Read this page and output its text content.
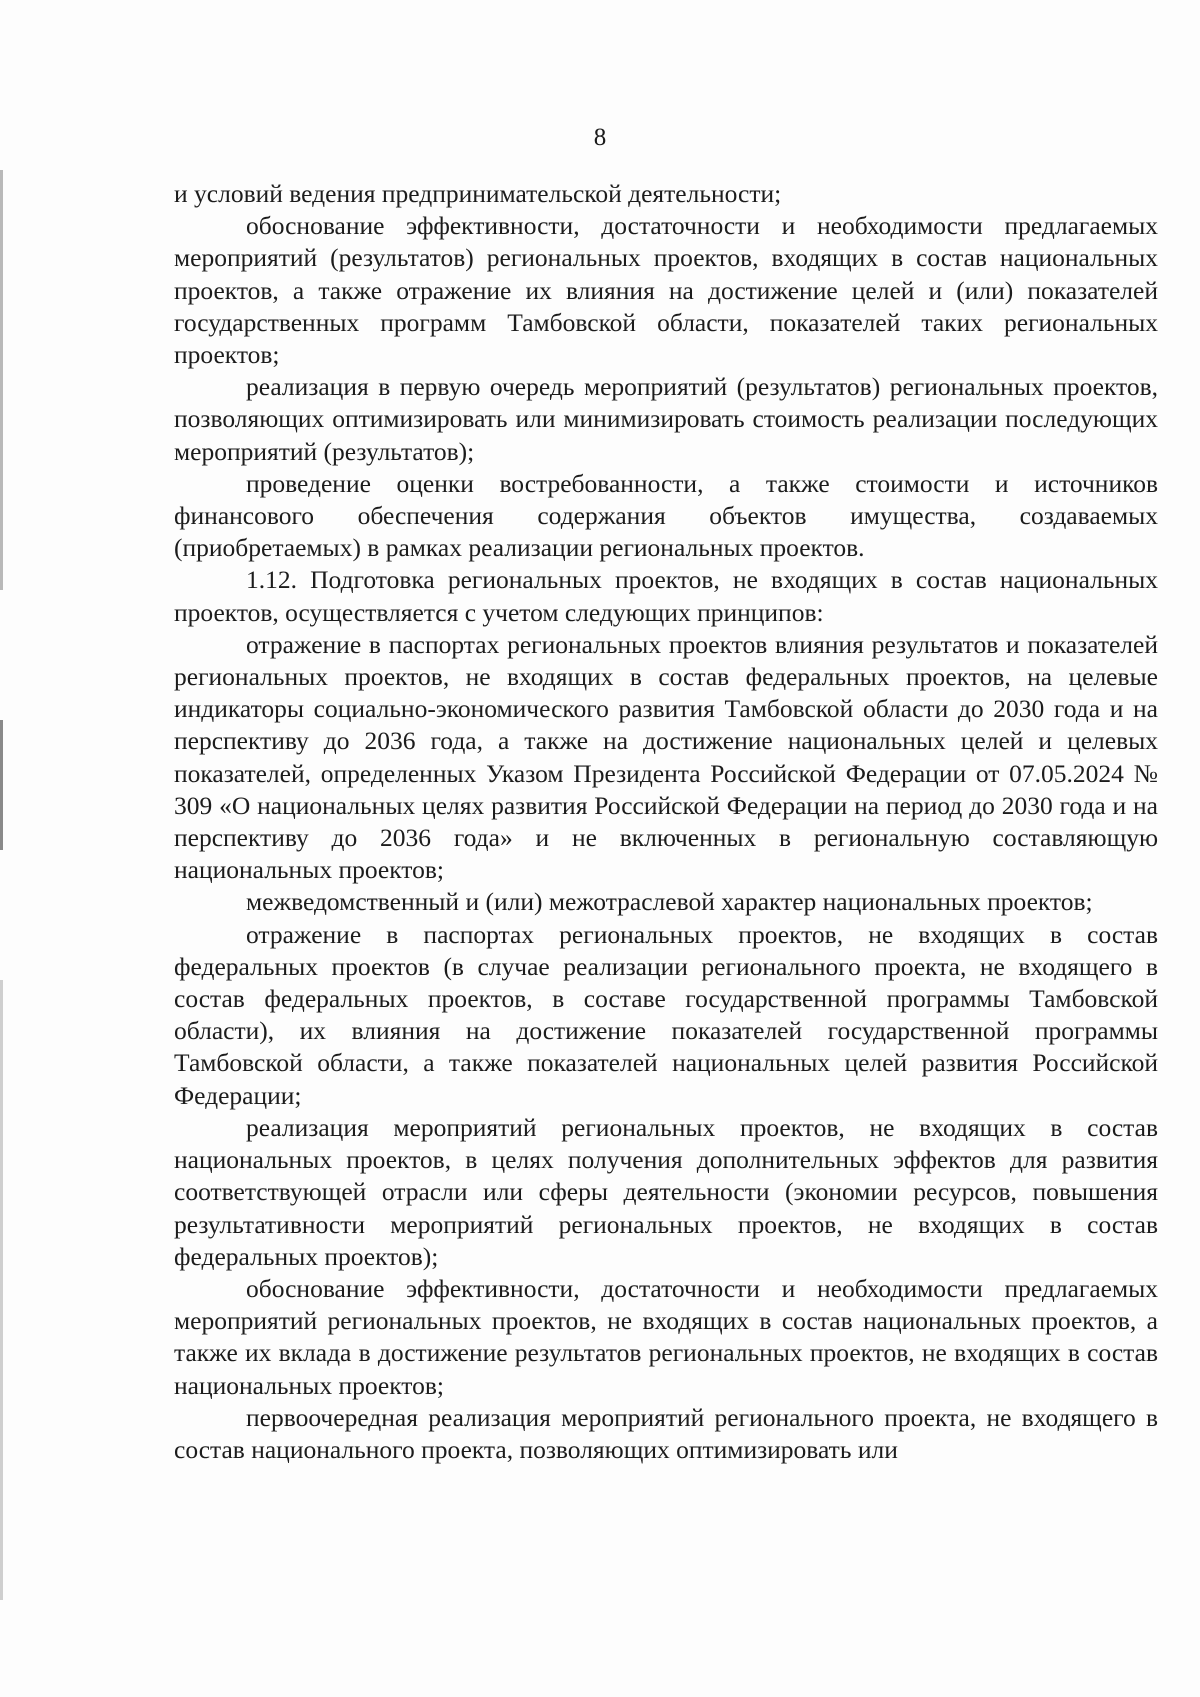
8

и условий ведения предпринимательской деятельности;

обоснование эффективности, достаточности и необходимости предлагаемых мероприятий (результатов) региональных проектов, входящих в состав национальных проектов, а также отражение их влияния на достижение целей и (или) показателей государственных программ Тамбовской области, показателей таких региональных проектов;

реализация в первую очередь мероприятий (результатов) региональных проектов, позволяющих оптимизировать или минимизировать стоимость реализации последующих мероприятий (результатов);

проведение оценки востребованности, а также стоимости и источников финансового обеспечения содержания объектов имущества, создаваемых (приобретаемых) в рамках реализации региональных проектов.

1.12. Подготовка региональных проектов, не входящих в состав национальных проектов, осуществляется с учетом следующих принципов:

отражение в паспортах региональных проектов влияния результатов и показателей региональных проектов, не входящих в состав федеральных проектов, на целевые индикаторы социально-экономического развития Тамбовской области до 2030 года и на перспективу до 2036 года, а также на достижение национальных целей и целевых показателей, определенных Указом Президента Российской Федерации от 07.05.2024 № 309 «О национальных целях развития Российской Федерации на период до 2030 года и на перспективу до 2036 года» и не включенных в региональную составляющую национальных проектов;

межведомственный и (или) межотраслевой характер национальных проектов;

отражение в паспортах региональных проектов, не входящих в состав федеральных проектов (в случае реализации регионального проекта, не входящего в состав федеральных проектов, в составе государственной программы Тамбовской области), их влияния на достижение показателей государственной программы Тамбовской области, а также показателей национальных целей развития Российской Федерации;

реализация мероприятий региональных проектов, не входящих в состав национальных проектов, в целях получения дополнительных эффектов для развития соответствующей отрасли или сферы деятельности (экономии ресурсов, повышения результативности мероприятий региональных проектов, не входящих в состав федеральных проектов);

обоснование эффективности, достаточности и необходимости предлагаемых мероприятий региональных проектов, не входящих в состав национальных проектов, а также их вклада в достижение результатов региональных проектов, не входящих в состав национальных проектов;

первоочередная реализация мероприятий регионального проекта, не входящего в состав национального проекта, позволяющих оптимизировать или
